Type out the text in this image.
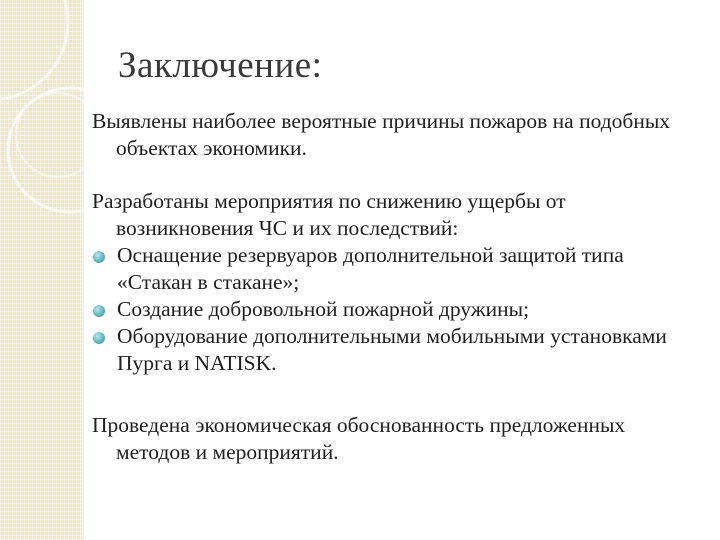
Заключение:

Выявлены наиболее вероятные причины пожаров на подобных объектах экономики.

Разработаны мероприятия по снижению ущербы от возникновения ЧС и их последствий:

Оснащение резервуаров дополнительной защитой типа «Стакан в стакане»;
Создание добровольной пожарной дружины;
Оборудование дополнительными мобильными установками Пурга и NATISK.

Проведена экономическая обоснованность предложенных методов и мероприятий.
